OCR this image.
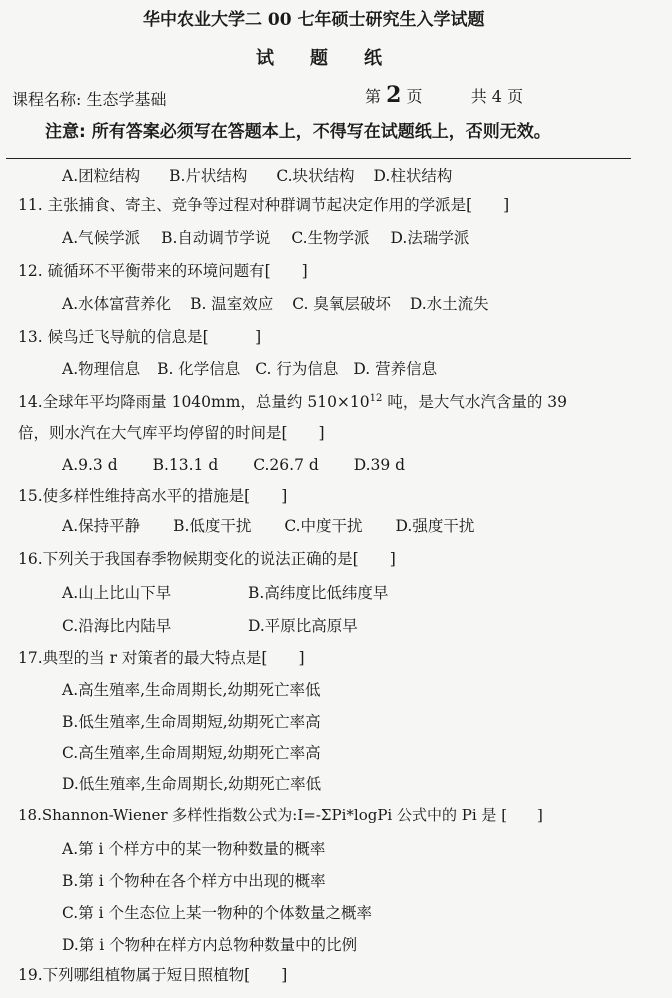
华中农业大学二 00 七年硕士研究生入学试题
试　　题　　纸
课程名称: 生态学基础	第 2 页	共 4 页
注意: 所有答案必须写在答题本上，不得写在试题纸上，否则无效。
A.团粒结构 B.片状结构 C.块状结构 D.柱状结构
11. 主张捕食、寄主、竞争等过程对种群调节起决定作用的学派是[　　]
A.气候学派 B.自动调节学说 C.生物学派 D.法瑞学派
12. 硫循环不平衡带来的环境问题有[　　]
A.水体富营养化 B. 温室效应 C. 臭氧层破坏 D.水土流失
13. 候鸟迁飞导航的信息是[　　　]
A.物理信息 B. 化学信息 C. 行为信息 D. 营养信息
14.全球年平均降雨量 1040mm，总量约 $510\times 10^{12}$ 吨，是大气水汽含量的 39
倍，则水汽在大气库平均停留的时间是[　　]
A.9.3 d B.13.1 d C.26.7 d D.39 d
15.使多样性维持高水平的措施是[　　]
A.保持平静 B.低度干扰 C.中度干扰 D.强度干扰
16.下列关于我国春季物候期变化的说法正确的是[　　]
A.山上比山下早	B.高纬度比低纬度早
C.沿海比内陆早	D.平原比高原早
17.典型的当 r 对策者的最大特点是[　　]
A.高生殖率,生命周期长,幼期死亡率低
B.低生殖率,生命周期短,幼期死亡率高
C.高生殖率,生命周期短,幼期死亡率高
D.低生殖率,生命周期长,幼期死亡率低
18.Shannon-Wiener 多样性指数公式为:I=-ΣPi*logPi 公式中的 Pi 是 [　　]
A.第 i 个样方中的某一物种数量的概率
B.第 i 个物种在各个样方中出现的概率
C.第 i 个生态位上某一物种的个体数量之概率
D.第 i 个物种在样方内总物种数量中的比例
19.下列哪组植物属于短日照植物[　　]
